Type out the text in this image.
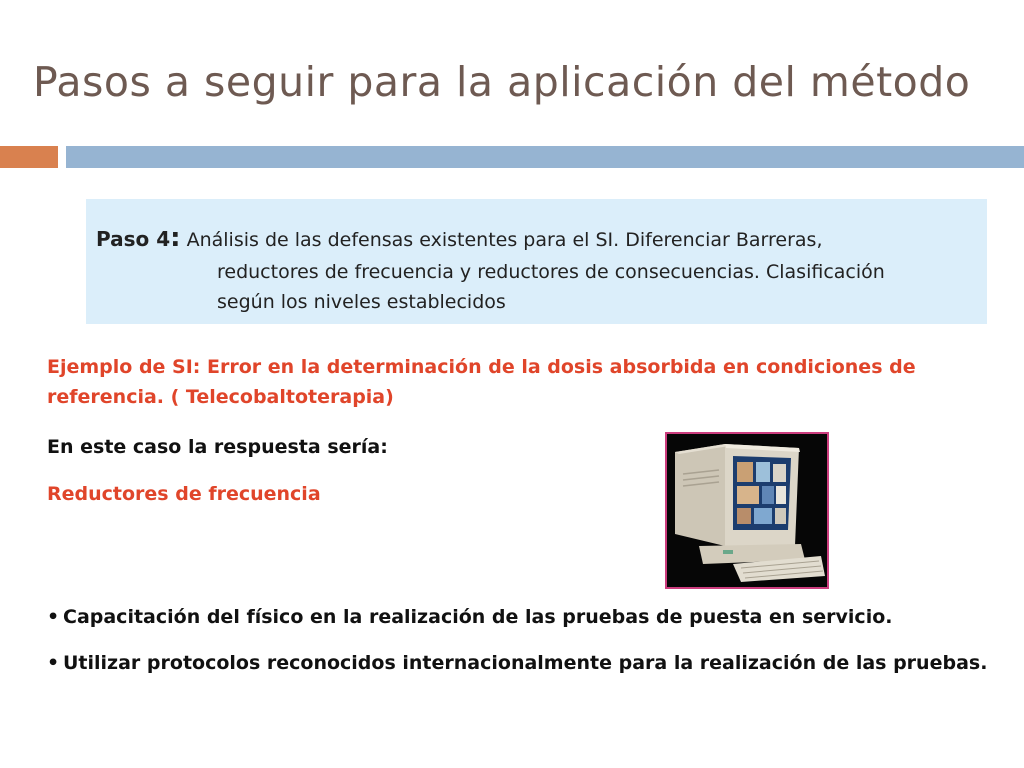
Pasos a seguir para la aplicación del método
Paso 4: Análisis de las defensas existentes para el SI. Diferenciar Barreras,
reductores de frecuencia y reductores de consecuencias. Clasificación según los niveles establecidos
Ejemplo de SI: Error en la determinación de la dosis absorbida en condiciones de referencia. ( Telecobaltoterapia)
En este caso la respuesta sería:
Reductores de frecuencia
• Capacitación del físico en la realización de las pruebas de puesta en servicio.
• Utilizar protocolos reconocidos internacionalmente para la realización de las pruebas.
